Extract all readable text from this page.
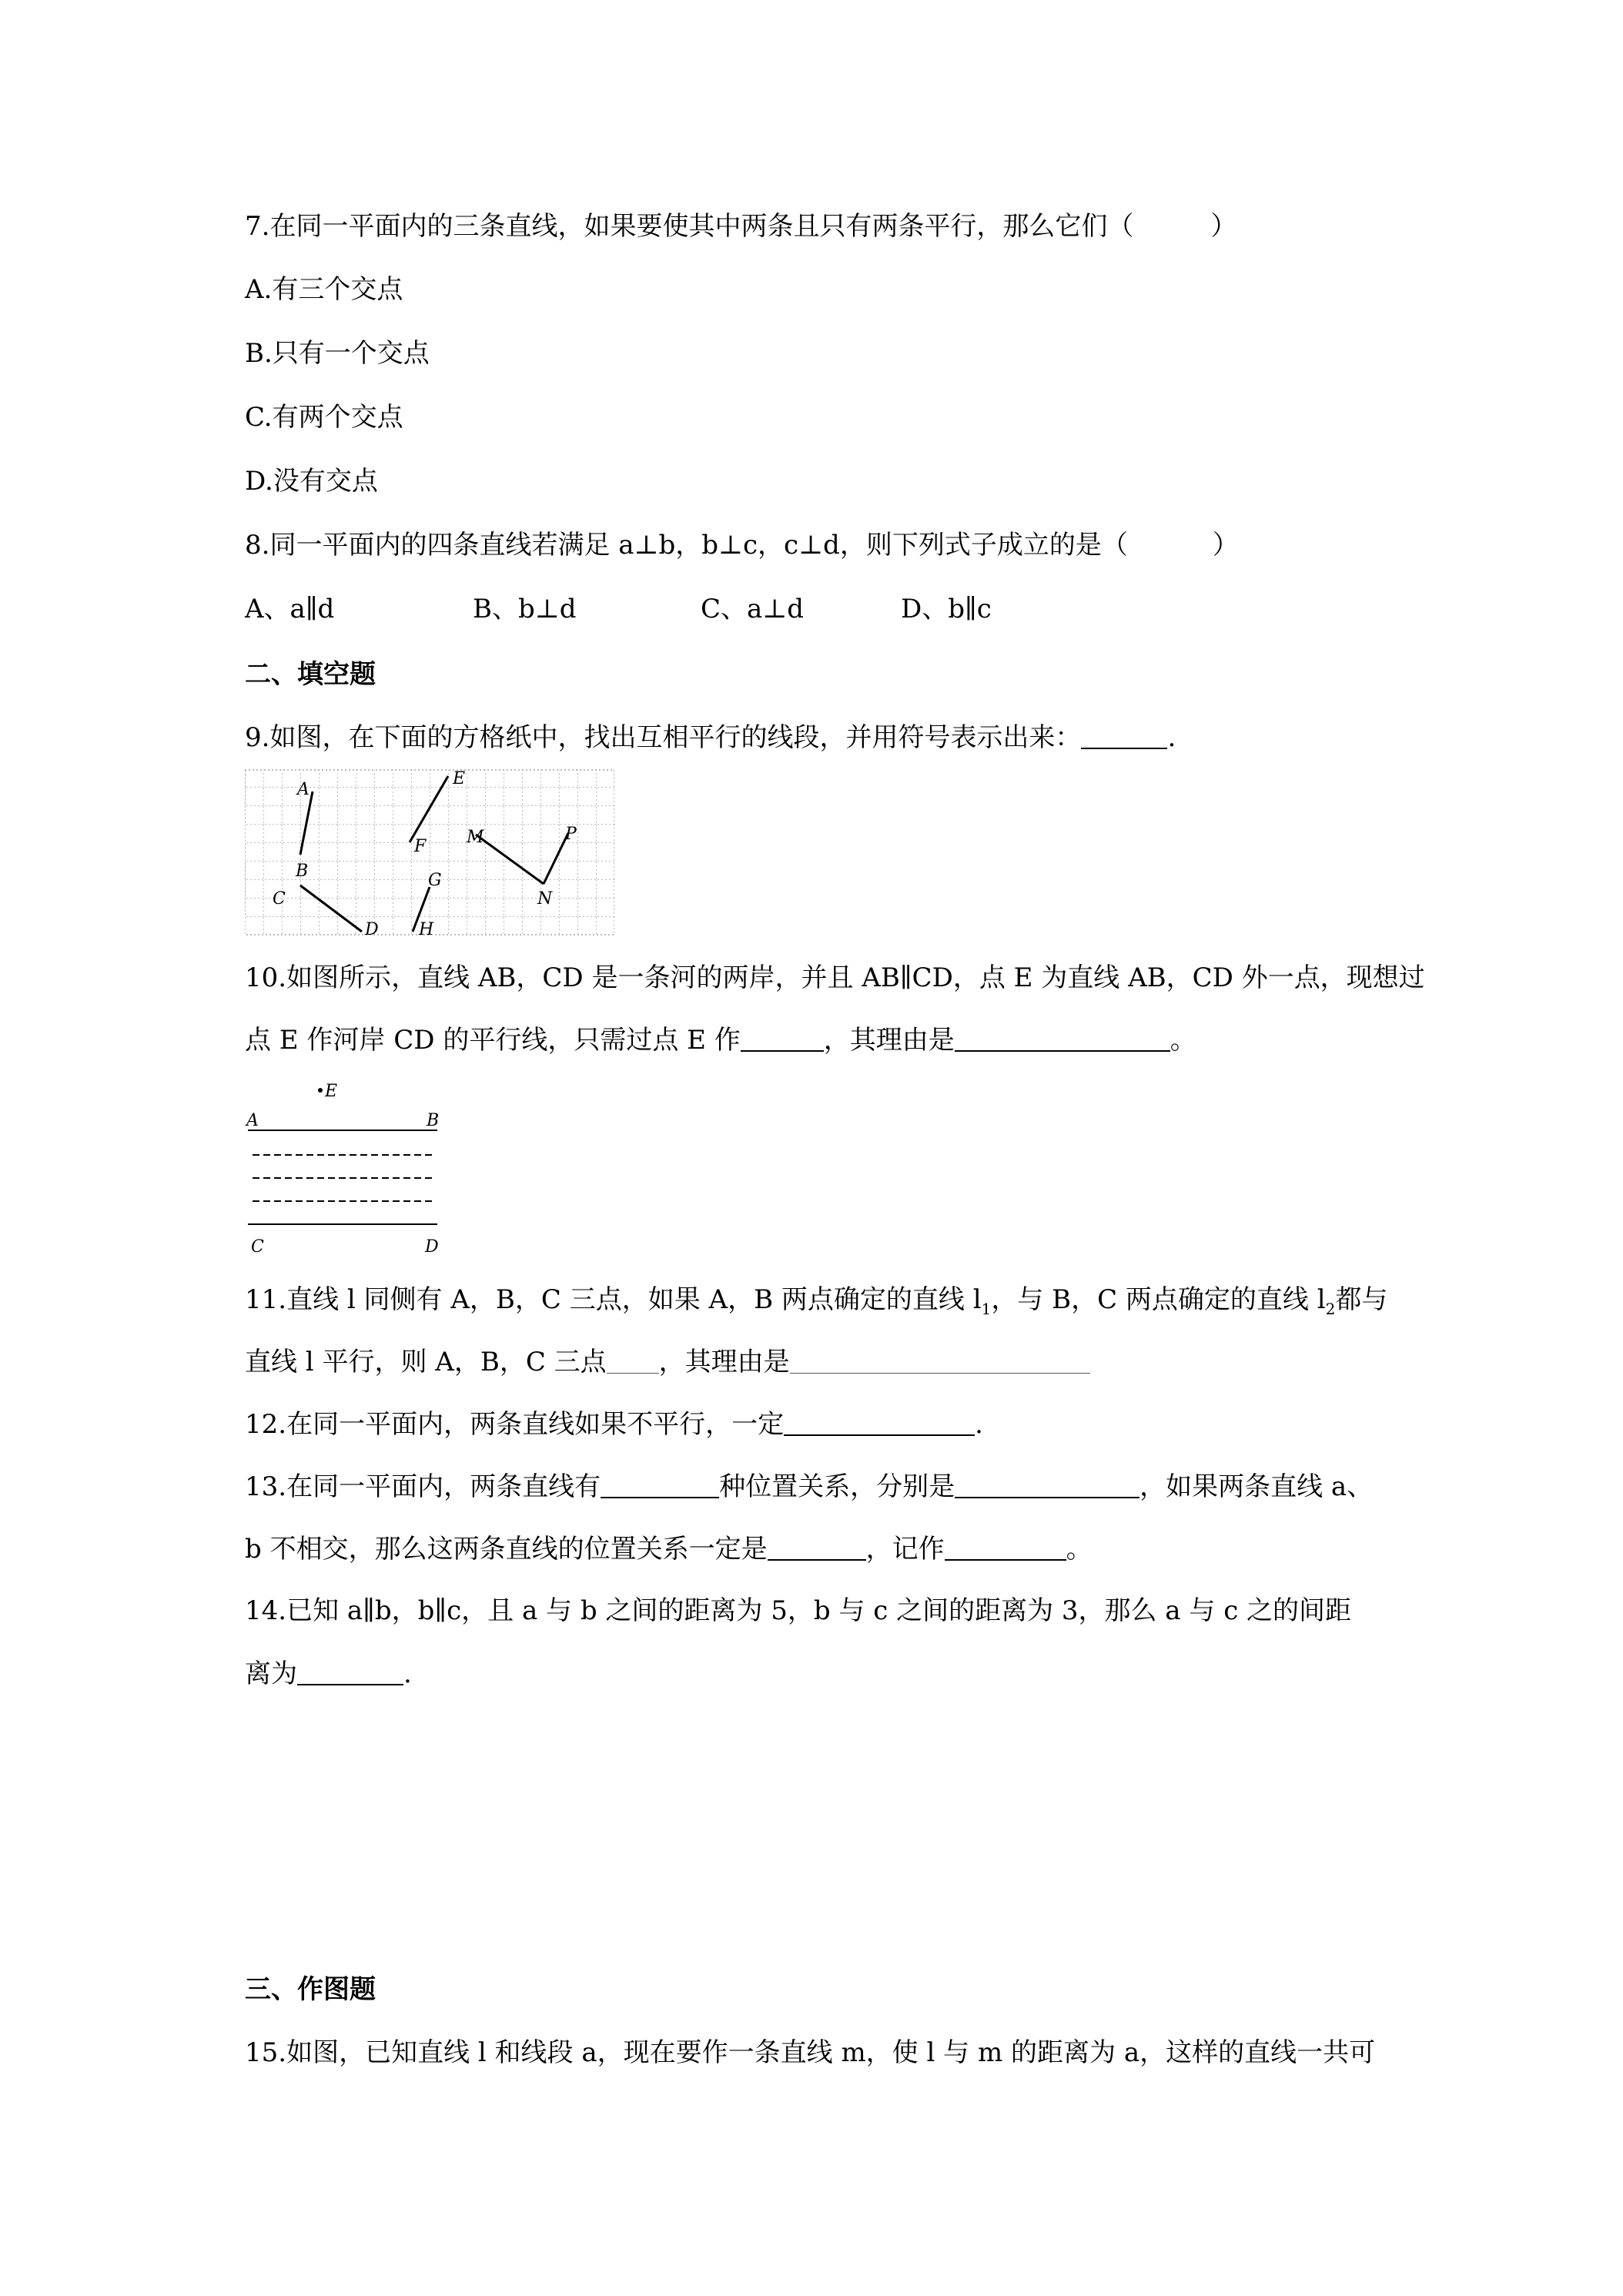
7.在同一平面内的三条直线，如果要使其中两条且只有两条平行，那么它们（	）
A.有三个交点
B.只有一个交点
C.有两个交点
D.没有交点
8.同一平面内的四条直线若满足 a⊥b，b⊥c，c⊥d，则下列式子成立的是（	）
A、a∥d	B、b⊥d	C、a⊥d	D、b∥c
二、填空题
9.如图，在下面的方格纸中，找出互相平行的线段，并用符号表示出来：	.
A
B
C
D
E
F
G
H
M
N
P
10.如图所示，直线 AB，CD 是一条河的两岸，并且 AB∥CD，点 E 为直线 AB，CD 外一点，现想过
点 E 作河岸 CD 的平行线，只需过点 E 作	，其理由是	。
E
A	B
C	D
11.直线 l 同侧有 A，B，C 三点，如果 A，B 两点确定的直线 $l_1$，与 B，C 两点确定的直线 $l_2$都与
直线 l 平行，则 A，B，C 三点 ，其理由是
12.在同一平面内，两条直线如果不平行，一定	.
13.在同一平面内，两条直线有	种位置关系，分别是	，如果两条直线 a、
b 不相交，那么这两条直线的位置关系一定是	，记作	。
14.已知 a∥b，b∥c，且 a 与 b 之间的距离为 5，b 与 c 之间的距离为 3，那么 a 与 c 之的间距
离为	.
三、作图题
15.如图，已知直线 l 和线段 a，现在要作一条直线 m，使 l 与 m 的距离为 a，这样的直线一共可
